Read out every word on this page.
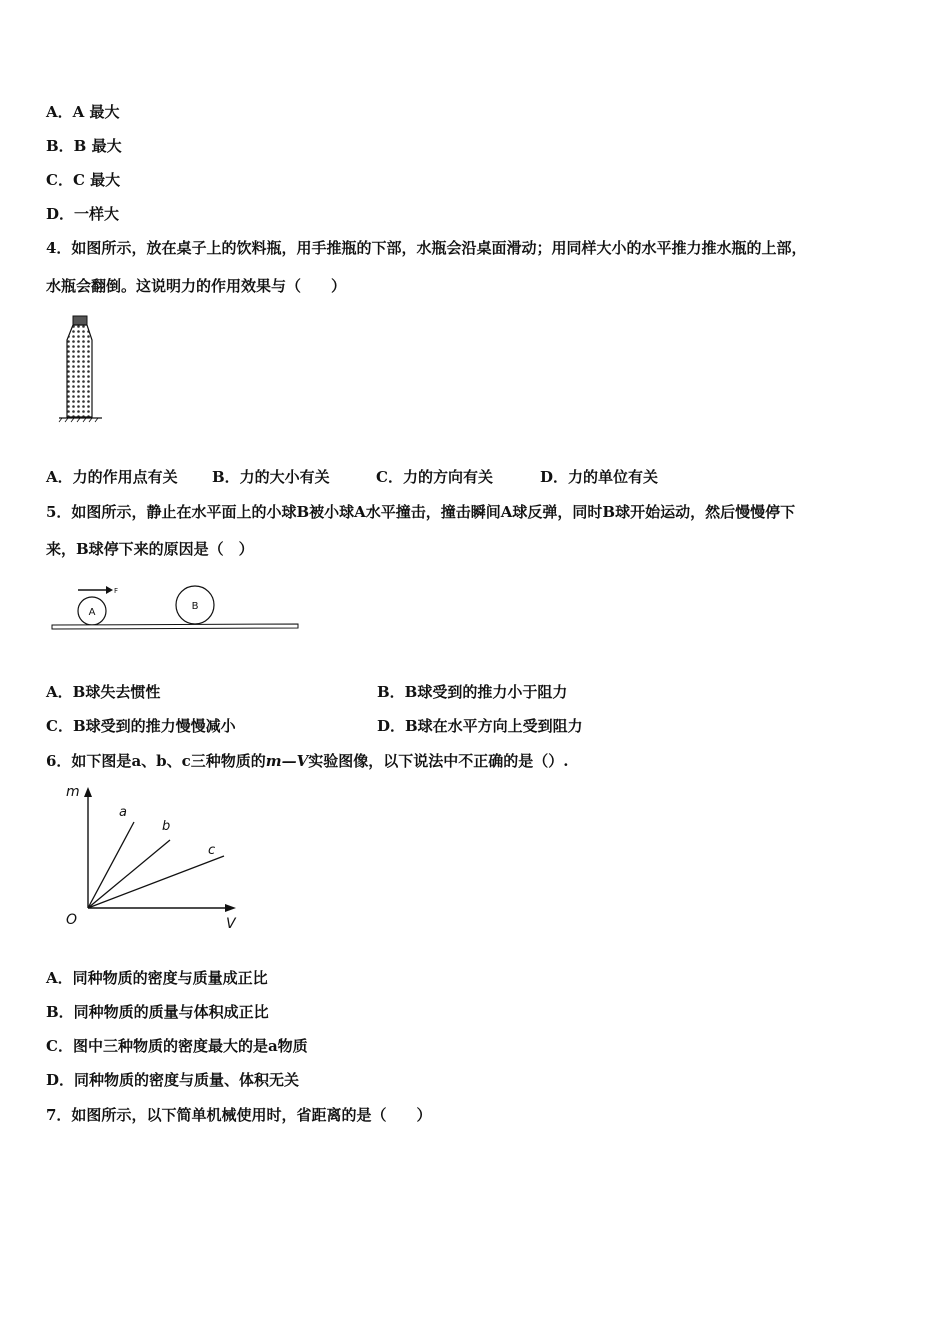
A．A 最大
B．B 最大
C．C 最大
D．一样大
4．如图所示，放在桌子上的饮料瓶，用手推瓶的下部，水瓶会沿桌面滑动；用同样大小的水平推力推水瓶的上部，
水瓶会翻倒。这说明力的作用效果与（　　）
A．力的作用点有关 B．力的大小有关	C．力的方向有关	D．力的单位有关
5．如图所示，静止在水平面上的小球B被小球A水平撞击，撞击瞬间A球反弹，同时B球开始运动，然后慢慢停下
来，B球停下来的原因是（　）
F
A
B
A．B球失去惯性	B．B球受到的推力小于阻力
C．B球受到的推力慢慢减小	D．B球在水平方向上受到阻力
6．如下图是a、b、c三种物质的m—V实验图像，以下说法中不正确的是（）.
m
V
O
a
b
c
A．同种物质的密度与质量成正比
B．同种物质的质量与体积成正比
C．图中三种物质的密度最大的是a物质
D．同种物质的密度与质量、体积无关
7．如图所示，以下简单机械使用时，省距离的是（　　）
